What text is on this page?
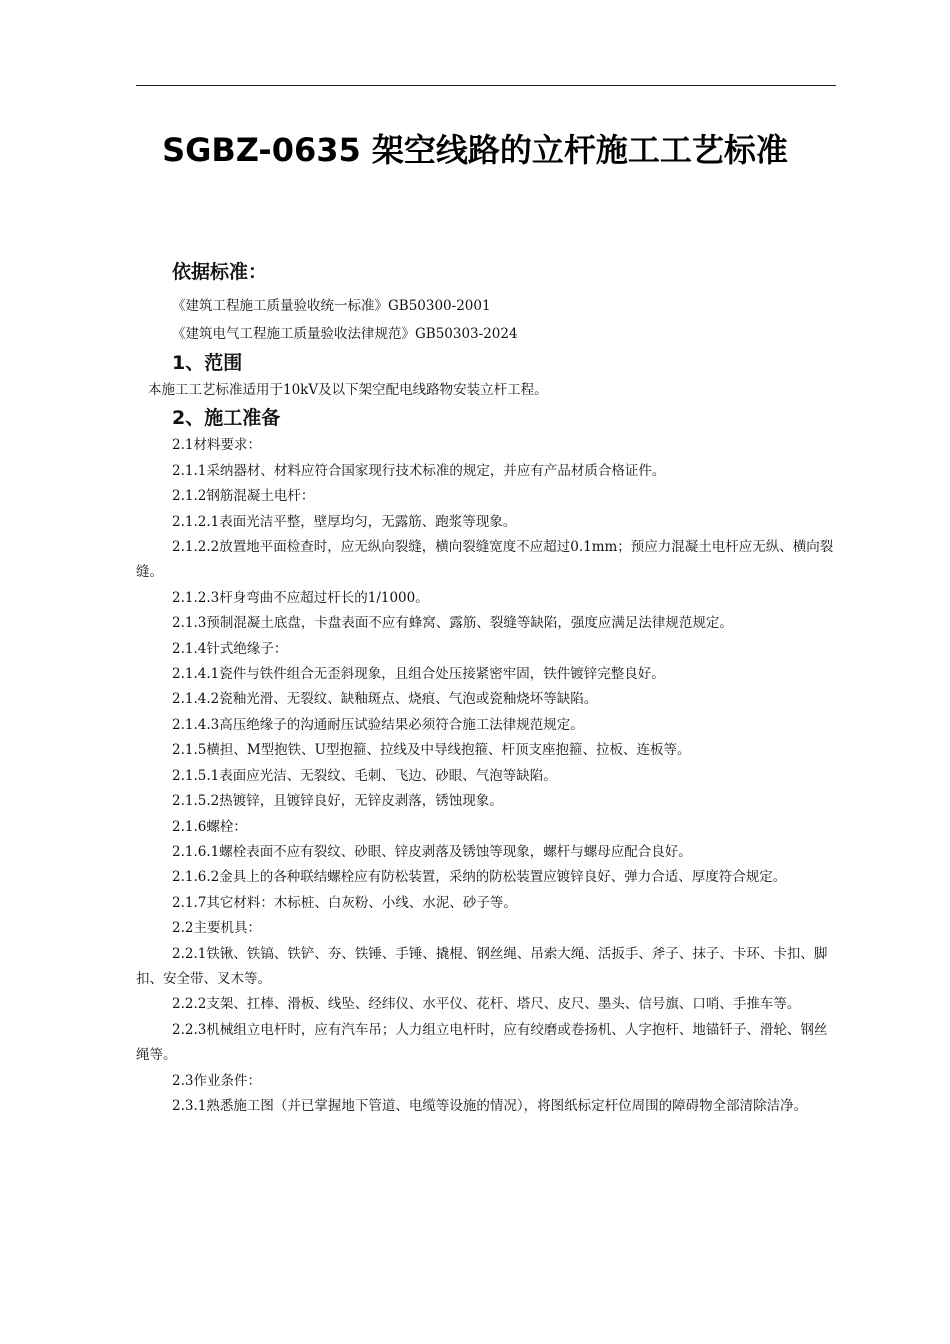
SGBZ-0635 架空线路的立杆施工工艺标准

依据标准：

《建筑工程施工质量验收统一标准》GB50300-2001

《建筑电气工程施工质量验收法律规范》GB50303-2024

1、范围

本施工工艺标准适用于10kV及以下架空配电线路物安装立杆工程。

2、施工准备

2.1材料要求：

2.1.1采纳器材、材料应符合国家现行技术标准的规定，并应有产品材质合格证件。

2.1.2钢筋混凝土电杆：

2.1.2.1表面光洁平整，壁厚均匀，无露筋、跑浆等现象。

2.1.2.2放置地平面检查时，应无纵向裂缝，横向裂缝宽度不应超过0.1mm；预应力混凝土电杆应无纵、横向裂缝。

2.1.2.3杆身弯曲不应超过杆长的1/1000。

2.1.3预制混凝土底盘，卡盘表面不应有蜂窝、露筋、裂缝等缺陷，强度应满足法律规范规定。

2.1.4针式绝缘子：

2.1.4.1瓷件与铁件组合无歪斜现象，且组合处压接紧密牢固，铁件镀锌完整良好。

2.1.4.2瓷釉光滑、无裂纹、缺釉斑点、烧痕、气泡或瓷釉烧坏等缺陷。

2.1.4.3高压绝缘子的沟通耐压试验结果必须符合施工法律规范规定。

2.1.5横担、M型抱铁、U型抱箍、拉线及中导线抱箍、杆顶支座抱箍、拉板、连板等。

2.1.5.1表面应光洁、无裂纹、毛刺、飞边、砂眼、气泡等缺陷。

2.1.5.2热镀锌，且镀锌良好，无锌皮剥落，锈蚀现象。

2.1.6螺栓：

2.1.6.1螺栓表面不应有裂纹、砂眼、锌皮剥落及锈蚀等现象，螺杆与螺母应配合良好。

2.1.6.2金具上的各种联结螺栓应有防松装置，采纳的防松装置应镀锌良好、弹力合适、厚度符合规定。

2.1.7其它材料：木标桩、白灰粉、小线、水泥、砂子等。

2.2主要机具：

2.2.1铁锹、铁镐、铁铲、夯、铁锤、手锤、撬棍、钢丝绳、吊索大绳、活扳手、斧子、抹子、卡环、卡扣、脚扣、安全带、叉木等。

2.2.2支架、扛棒、滑板、线坠、经纬仪、水平仪、花杆、塔尺、皮尺、墨头、信号旗、口哨、手推车等。

2.2.3机械组立电杆时，应有汽车吊；人力组立电杆时，应有绞磨或卷扬机、人字抱杆、地锚钎子、滑轮、钢丝绳等。

2.3作业条件：

2.3.1熟悉施工图（并已掌握地下管道、电缆等设施的情况），将图纸标定杆位周围的障碍物全部清除洁净。
